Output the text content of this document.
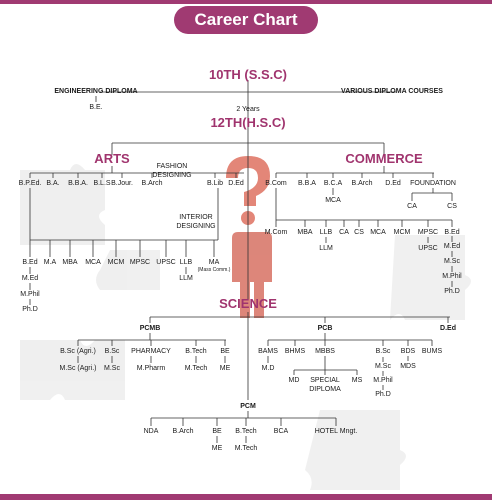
Career Chart
10TH (S.S.C)
ENGINEERING DIPLOMA
B.E.
VARIOUS DIPLOMA COURSES
2 Years
12TH(H.S.C)
ARTS
B.P.Ed. B.A. B.B.A. B.L.S B.Jour. B.Arch
FASHION DESIGNING
INTERIOR DESIGNING
B.Lib D.Ed
B.Ed M.A MBA MCA MCM MPSC UPSC LLB MA
(Mass Comm.)
M.Ed
M.Phil
Ph.D
LLM
COMMERCE
B.Com B.B.A B.C.A B.Arch D.Ed FOUNDATION
MCA
CA	CS
M.Com MBA LLB CA CS MCA MCM MPSC B.Ed
LLM	UPSC M.Ed
M.Sc
M.Phil
Ph.D
SCIENCE
PCMB	PCB	D.Ed
B.Sc (Agri.)
M.Sc (Agri.)
B.Sc
M.Sc
PHARMACY
M.Pharm
B.Tech
M.Tech
BE
ME
BAMS BHMS MBBS	B.Sc BDS BUMS
M.D
MD	SPECIAL DIPLOMA
MS
M.Sc
M.Phil
Ph.D
MDS
PCM
NDA B.Arch	BE B.Tech BCA	HOTEL Mngt.
ME M.Tech
